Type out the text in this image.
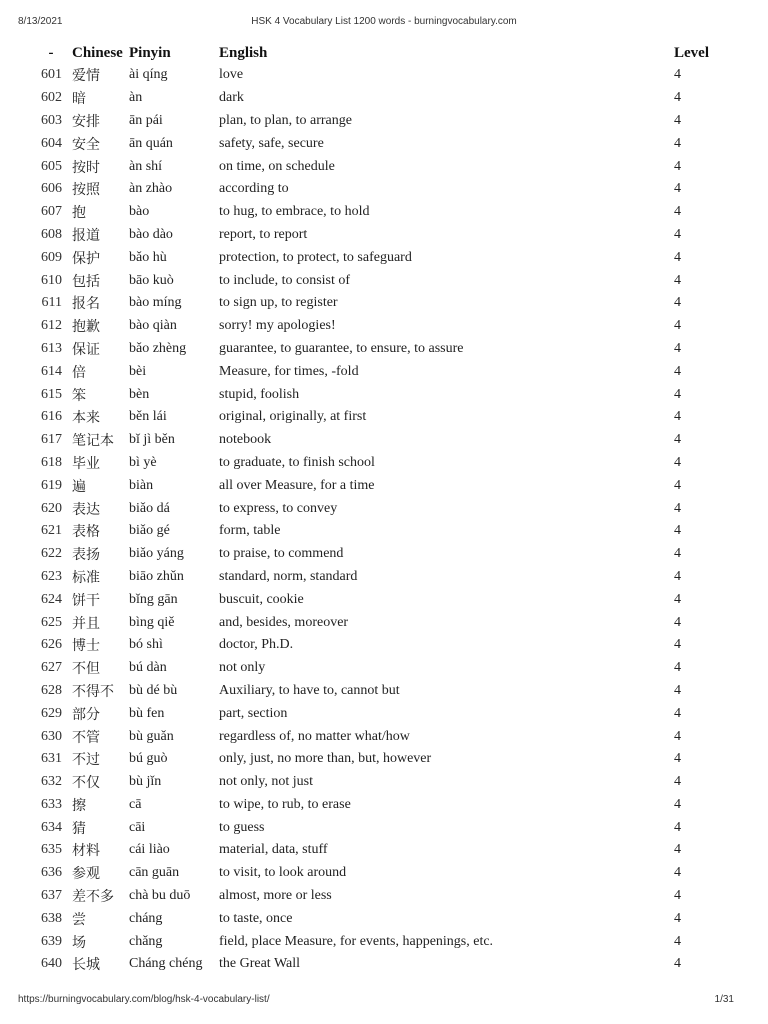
8/13/2021	HSK 4 Vocabulary List 1200 words - burningvocabulary.com
-	Chinese	Pinyin	English	Level
601	爱情	ài qíng	love	4
602	暗	àn	dark	4
603	安排	ān pái	plan, to plan, to arrange	4
604	安全	ān quán	safety, safe, secure	4
605	按时	àn shí	on time, on schedule	4
606	按照	àn zhào	according to	4
607	抱	bào	to hug, to embrace, to hold	4
608	报道	bào dào	report, to report	4
609	保护	bǎo hù	protection, to protect, to safeguard	4
610	包括	bāo kuò	to include, to consist of	4
611	报名	bào míng	to sign up, to register	4
612	抱歉	bào qiàn	sorry! my apologies!	4
613	保证	bǎo zhèng	guarantee, to guarantee, to ensure, to assure	4
614	倍	bèi	Measure, for times, -fold	4
615	笨	bèn	stupid, foolish	4
616	本来	běn lái	original, originally, at first	4
617	笔记本	bǐ jì běn	notebook	4
618	毕业	bì yè	to graduate, to finish school	4
619	遍	biàn	all over Measure, for a time	4
620	表达	biǎo dá	to express, to convey	4
621	表格	biǎo gé	form, table	4
622	表扬	biǎo yáng	to praise, to commend	4
623	标准	biāo zhǔn	standard, norm, standard	4
624	饼干	bǐng gān	buscuit, cookie	4
625	并且	bìng qiě	and, besides, moreover	4
626	博士	bó shì	doctor, Ph.D.	4
627	不但	bú dàn	not only	4
628	不得不	bù dé bù	Auxiliary, to have to, cannot but	4
629	部分	bù fen	part, section	4
630	不管	bù guǎn	regardless of, no matter what/how	4
631	不过	bú guò	only, just, no more than, but, however	4
632	不仅	bù jǐn	not only, not just	4
633	擦	cā	to wipe, to rub, to erase	4
634	猜	cāi	to guess	4
635	材料	cái liào	material, data, stuff	4
636	参观	cān guān	to visit, to look around	4
637	差不多	chà bu duō	almost, more or less	4
638	尝	cháng	to taste, once	4
639	场	chǎng	field, place Measure, for events, happenings, etc.	4
640	长城	Cháng chéng	the Great Wall	4
https://burningvocabulary.com/blog/hsk-4-vocabulary-list/	1/31
